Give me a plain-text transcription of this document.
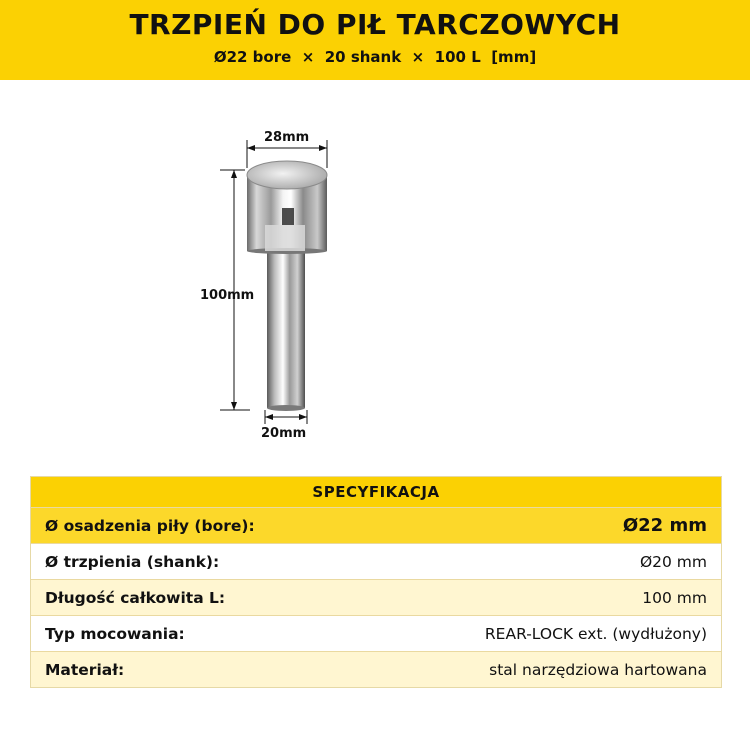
TRZPIEŃ DO PIŁ TARCZOWYCH
Ø22 bore  ×  20 shank  ×  100 L  [mm]
28mm
100mm
20mm
SPECYFIKACJA
Ø osadzenia piły (bore):	Ø22 mm
Ø trzpienia (shank):	Ø20 mm
Długość całkowita L:	100 mm
Typ mocowania:	REAR-LOCK ext. (wydłużony)
Materiał:	stal narzędziowa hartowana
